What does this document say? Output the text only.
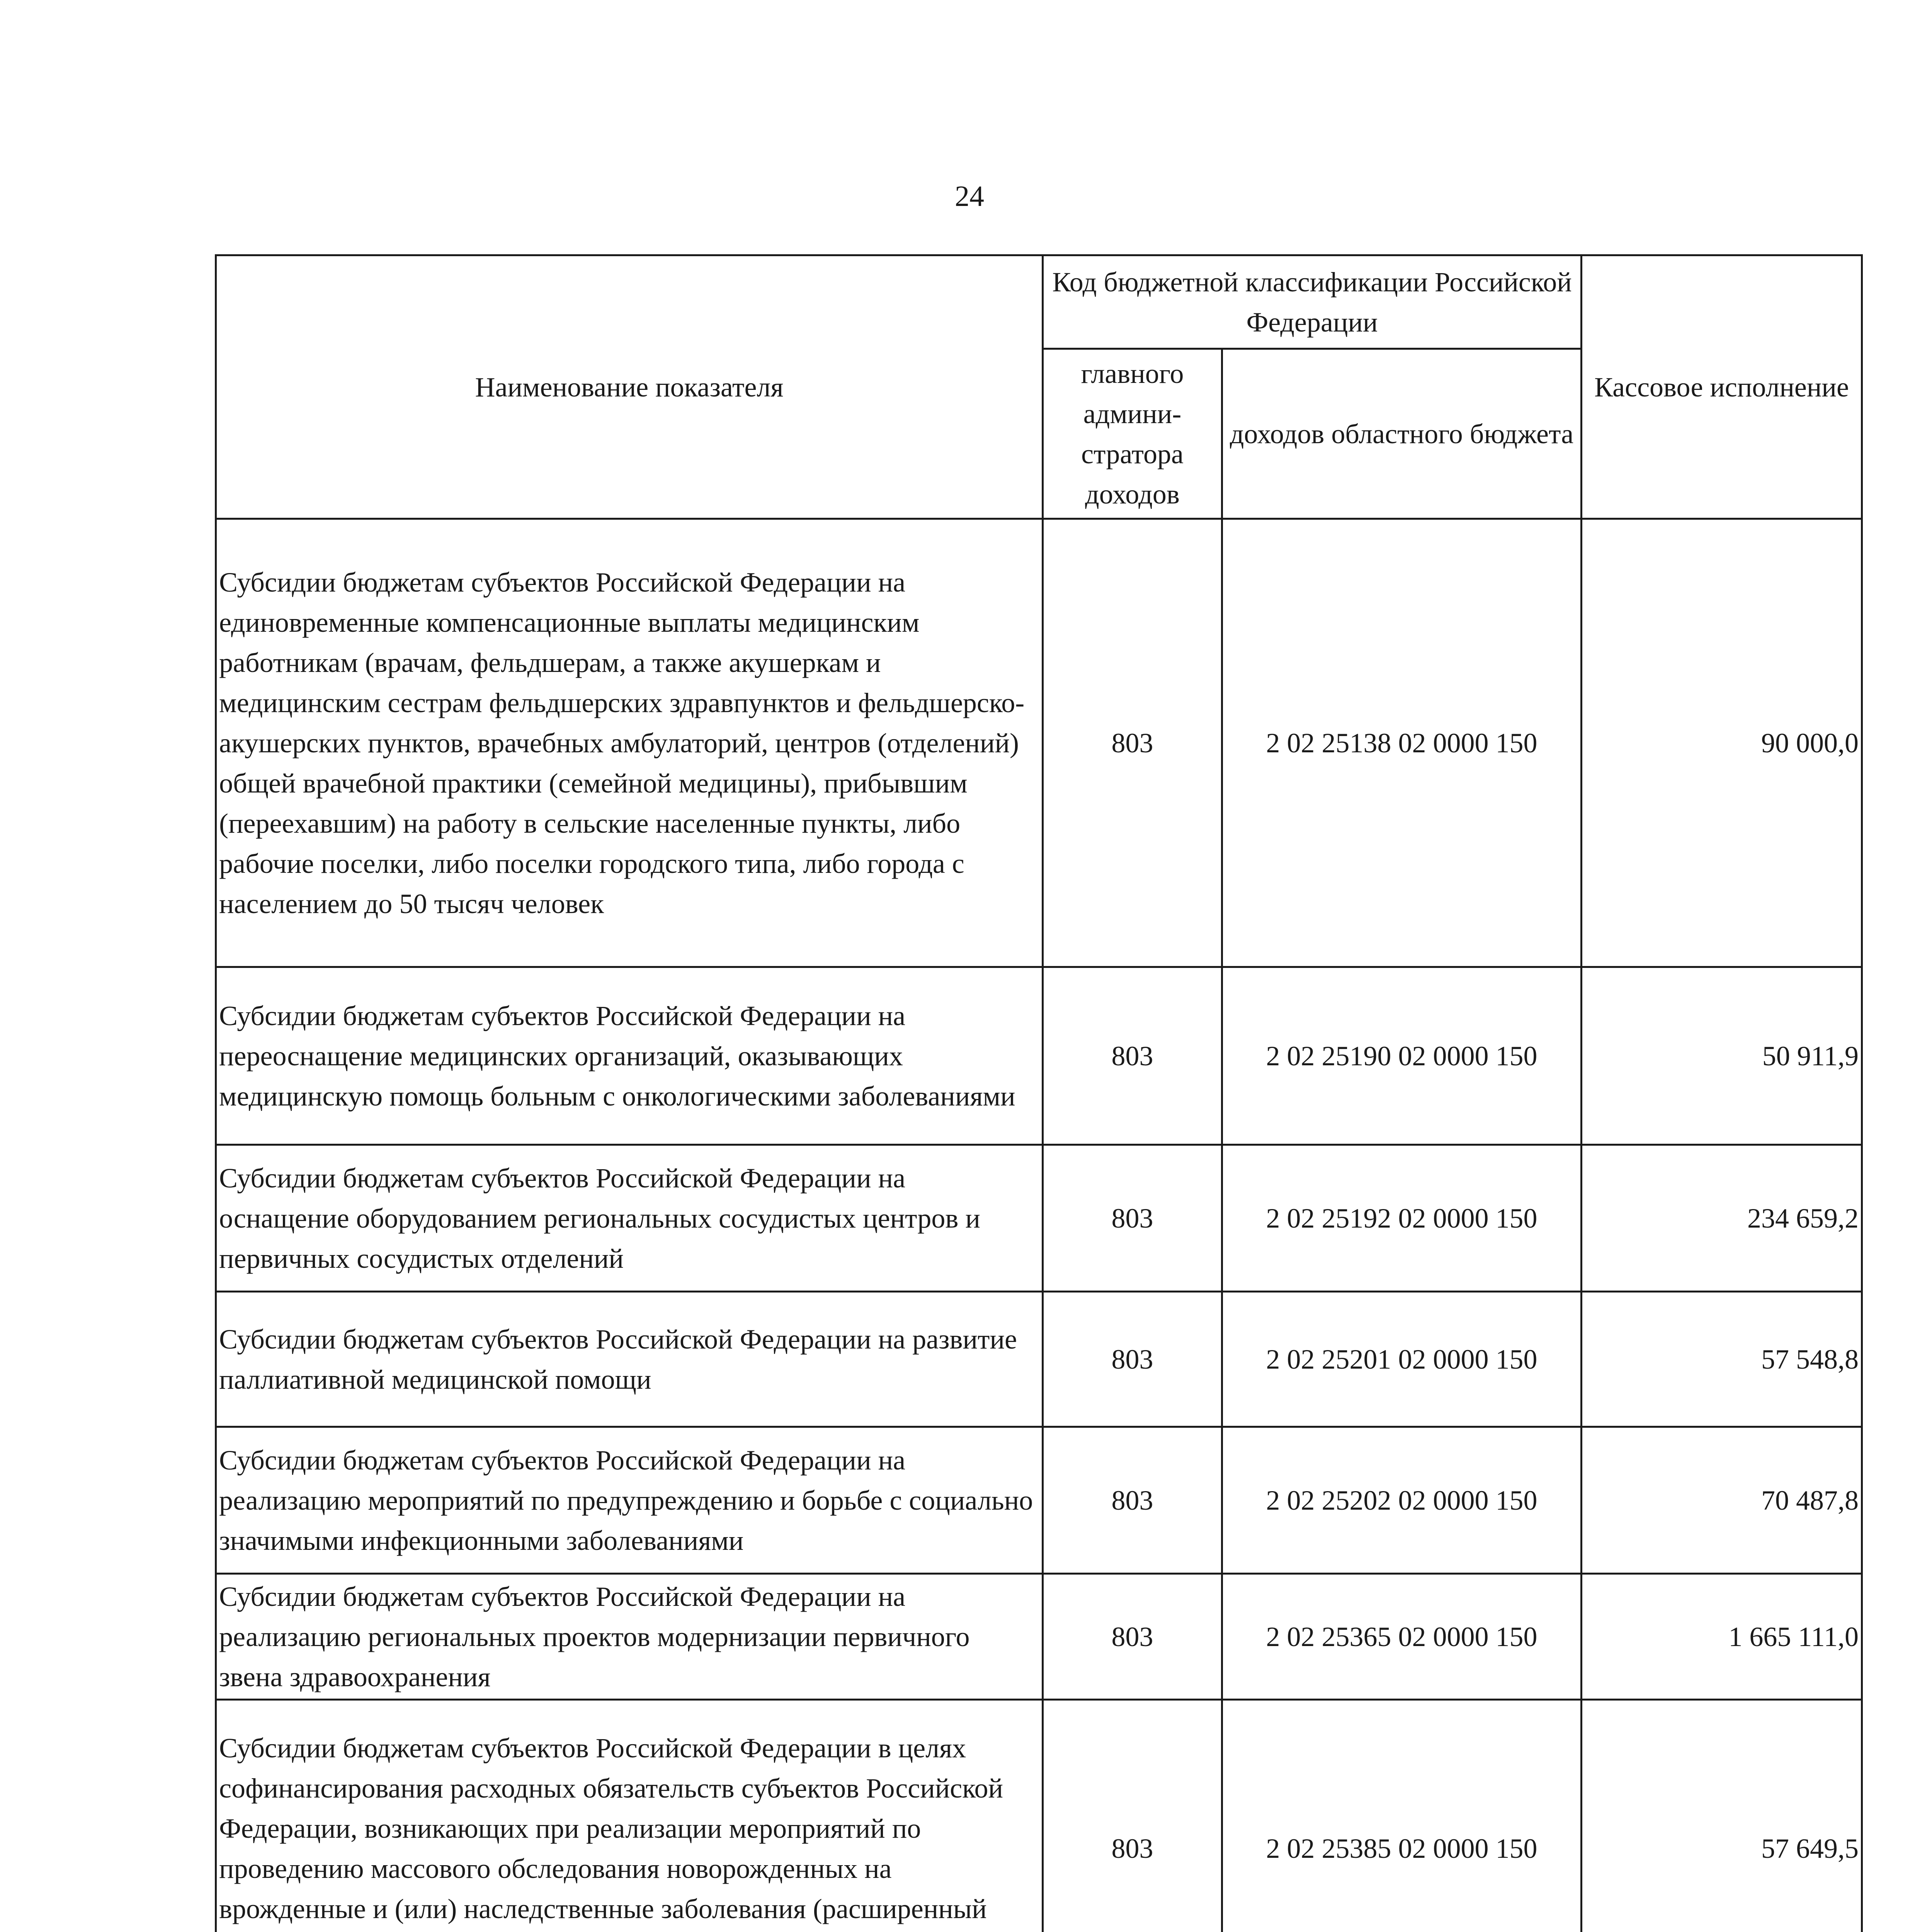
24
Наименование показателя	Код бюджетной классификации Российской Федерации		Кассовое исполнение
	главного админи-стратора доходов	доходов областного бюджета	
Субсидии бюджетам субъектов Российской Федерации на единовременные компенсационные выплаты медицинским работникам (врачам, фельдшерам, а также акушеркам и медицинским сестрам фельдшерских здравпунктов и фельдшерско-акушерских пунктов, врачебных амбулаторий, центров (отделений) общей врачебной практики (семейной медицины), прибывшим (переехавшим) на работу в сельские населенные пункты, либо рабочие поселки, либо поселки городского типа, либо города с населением до 50 тысяч человек	803	2 02 25138 02 0000 150	90 000,0
Субсидии бюджетам субъектов Российской Федерации на переоснащение медицинских организаций, оказывающих медицинскую помощь больным с онкологическими заболеваниями	803	2 02 25190 02 0000 150	50 911,9
Субсидии бюджетам субъектов Российской Федерации на оснащение оборудованием региональных сосудистых центров и первичных сосудистых отделений	803	2 02 25192 02 0000 150	234 659,2
Субсидии бюджетам субъектов Российской Федерации на развитие паллиативной медицинской помощи	803	2 02 25201 02 0000 150	57 548,8
Субсидии бюджетам субъектов Российской Федерации на реализацию мероприятий по предупреждению и борьбе с социально значимыми инфекционными заболеваниями	803	2 02 25202 02 0000 150	70 487,8
Субсидии бюджетам субъектов Российской Федерации на реализацию региональных проектов модернизации первичного звена здравоохранения	803	2 02 25365 02 0000 150	1 665 111,0
Субсидии бюджетам субъектов Российской Федерации в целях софинансирования расходных обязательств субъектов Российской Федерации, возникающих при реализации мероприятий по проведению массового обследования новорожденных на врожденные и (или) наследственные заболевания (расширенный	803	2 02 25385 02 0000 150	57 649,5
